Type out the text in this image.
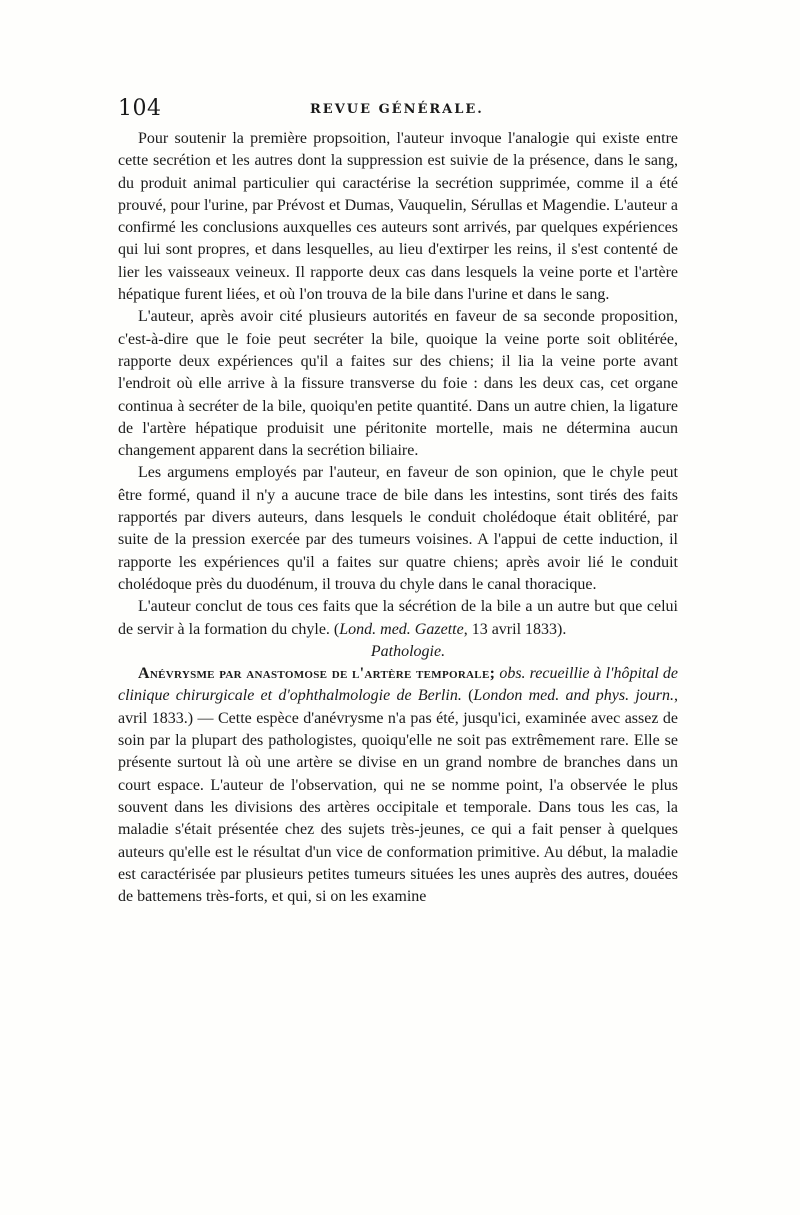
104	REVUE GÉNÉRALE.

Pour soutenir la première propsoition, l'auteur invoque l'analogie qui existe entre cette secrétion et les autres dont la suppression est suivie de la présence, dans le sang, du produit animal particulier qui caractérise la secrétion supprimée, comme il a été prouvé, pour l'urine, par Prévost et Dumas, Vauquelin, Sérullas et Magendie. L'auteur a confirmé les conclusions auxquelles ces auteurs sont arrivés, par quelques expériences qui lui sont propres, et dans lesquelles, au lieu d'extirper les reins, il s'est contenté de lier les vaisseaux veineux. Il rapporte deux cas dans lesquels la veine porte et l'artère hépatique furent liées, et où l'on trouva de la bile dans l'urine et dans le sang.

L'auteur, après avoir cité plusieurs autorités en faveur de sa seconde proposition, c'est-à-dire que le foie peut secréter la bile, quoique la veine porte soit oblitérée, rapporte deux expériences qu'il a faites sur des chiens; il lia la veine porte avant l'endroit où elle arrive à la fissure transverse du foie : dans les deux cas, cet organe continua à secréter de la bile, quoiqu'en petite quantité. Dans un autre chien, la ligature de l'artère hépatique produisit une péritonite mortelle, mais ne détermina aucun changement apparent dans la secrétion biliaire.

Les argumens employés par l'auteur, en faveur de son opinion, que le chyle peut être formé, quand il n'y a aucune trace de bile dans les intestins, sont tirés des faits rapportés par divers auteurs, dans lesquels le conduit cholédoque était oblitéré, par suite de la pression exercée par des tumeurs voisines. A l'appui de cette induction, il rapporte les expériences qu'il a faites sur quatre chiens; après avoir lié le conduit cholédoque près du duodénum, il trouva du chyle dans le canal thoracique.

L'auteur conclut de tous ces faits que la sécrétion de la bile a un autre but que celui de servir à la formation du chyle. (Lond. med. Gazette, 13 avril 1833).

Pathologie.

Anévrysme par anastomose de l'artère temporale; obs. recueillie à l'hôpital de clinique chirurgicale et d'ophthalmologie de Berlin. (London med. and phys. journ., avril 1833.) — Cette espèce d'anévrysme n'a pas été, jusqu'ici, examinée avec assez de soin par la plupart des pathologistes, quoiqu'elle ne soit pas extrêmement rare. Elle se présente surtout là où une artère se divise en un grand nombre de branches dans un court espace. L'auteur de l'observation, qui ne se nomme point, l'a observée le plus souvent dans les divisions des artères occipitale et temporale. Dans tous les cas, la maladie s'était présentée chez des sujets très-jeunes, ce qui a fait penser à quelques auteurs qu'elle est le résultat d'un vice de conformation primitive. Au début, la maladie est caractérisée par plusieurs petites tumeurs situées les unes auprès des autres, douées de battemens très-forts, et qui, si on les examine
